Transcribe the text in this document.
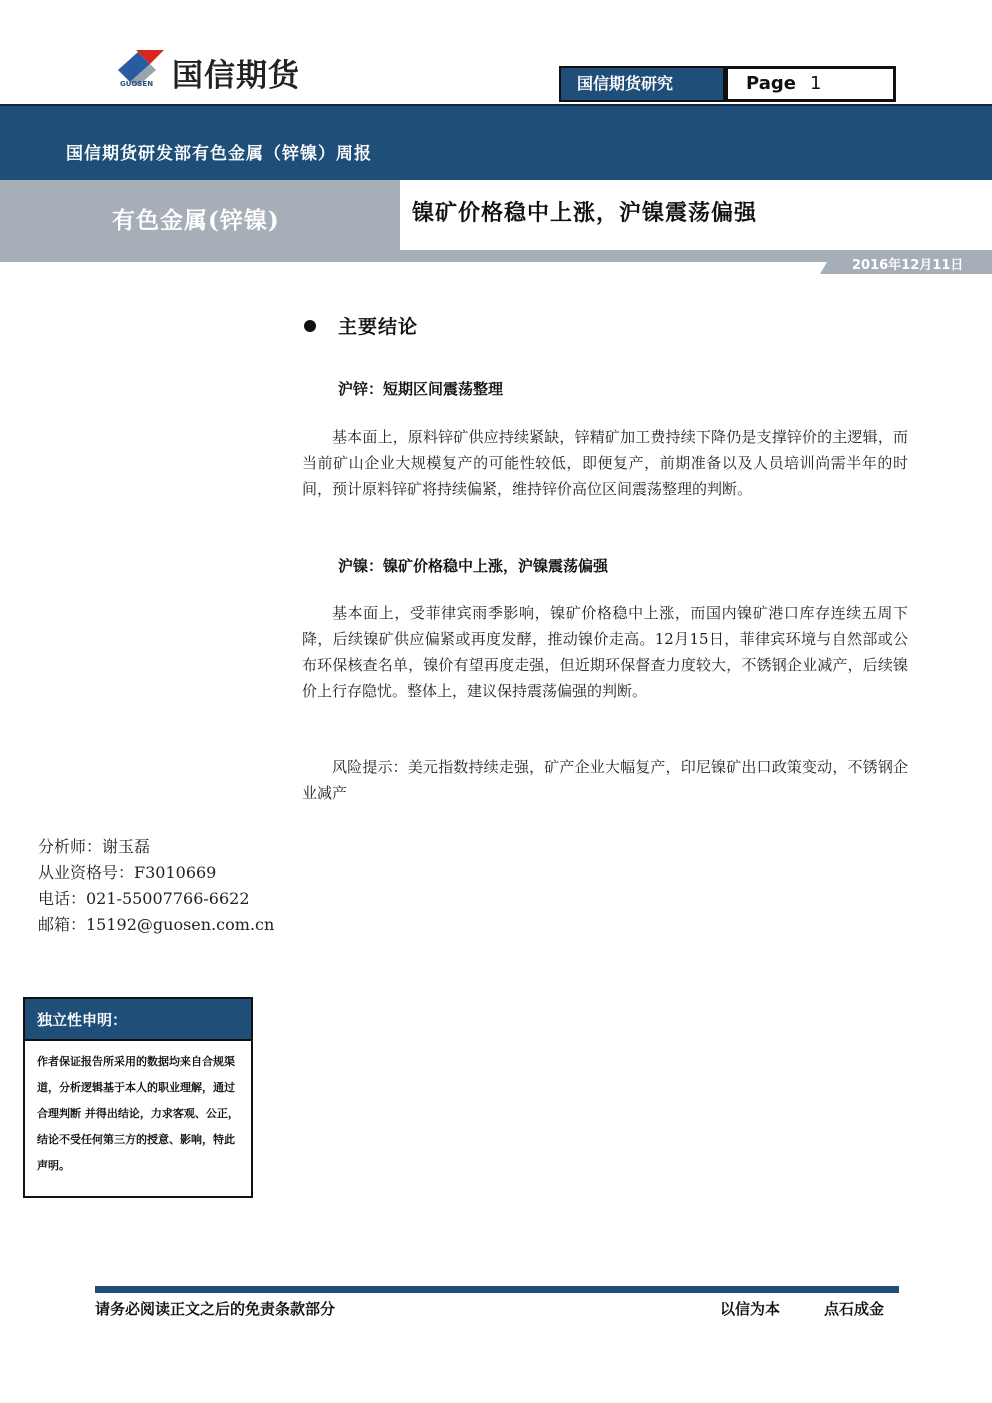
国信期货
GUOSEN	国信期货研究	Page 1
国信期货研发部有色金属（锌镍）周报
有色金属(锌镍)	镍矿价格稳中上涨，沪镍震荡偏强
2016年12月11日
主要结论
沪锌：短期区间震荡整理
基本面上，原料锌矿供应持续紧缺，锌精矿加工费持续下降仍是支撑锌价的主逻辑，而当前矿山企业大规模复产的可能性较低，即便复产，前期准备以及人员培训尚需半年的时间，预计原料锌矿将持续偏紧，维持锌价高位区间震荡整理的判断。
沪镍：镍矿价格稳中上涨，沪镍震荡偏强
基本面上，受菲律宾雨季影响，镍矿价格稳中上涨，而国内镍矿港口库存连续五周下降，后续镍矿供应偏紧或再度发酵，推动镍价走高。12月15日，菲律宾环境与自然部或公布环保核查名单，镍价有望再度走强，但近期环保督查力度较大，不锈钢企业减产，后续镍价上行存隐忧。整体上，建议保持震荡偏强的判断。
风险提示：美元指数持续走强，矿产企业大幅复产，印尼镍矿出口政策变动，不锈钢企业减产
分析师：谢玉磊
从业资格号：F3010669
电话：021-55007766-6622
邮箱：15192@guosen.com.cn
独立性申明：
作者保证报告所采用的数据均来自合规渠道，分析逻辑基于本人的职业理解，通过合理判断 并得出结论，力求客观、公正，结论不受任何第三方的授意、影响，特此声明。
请务必阅读正文之后的免责条款部分	以信为本	点石成金
